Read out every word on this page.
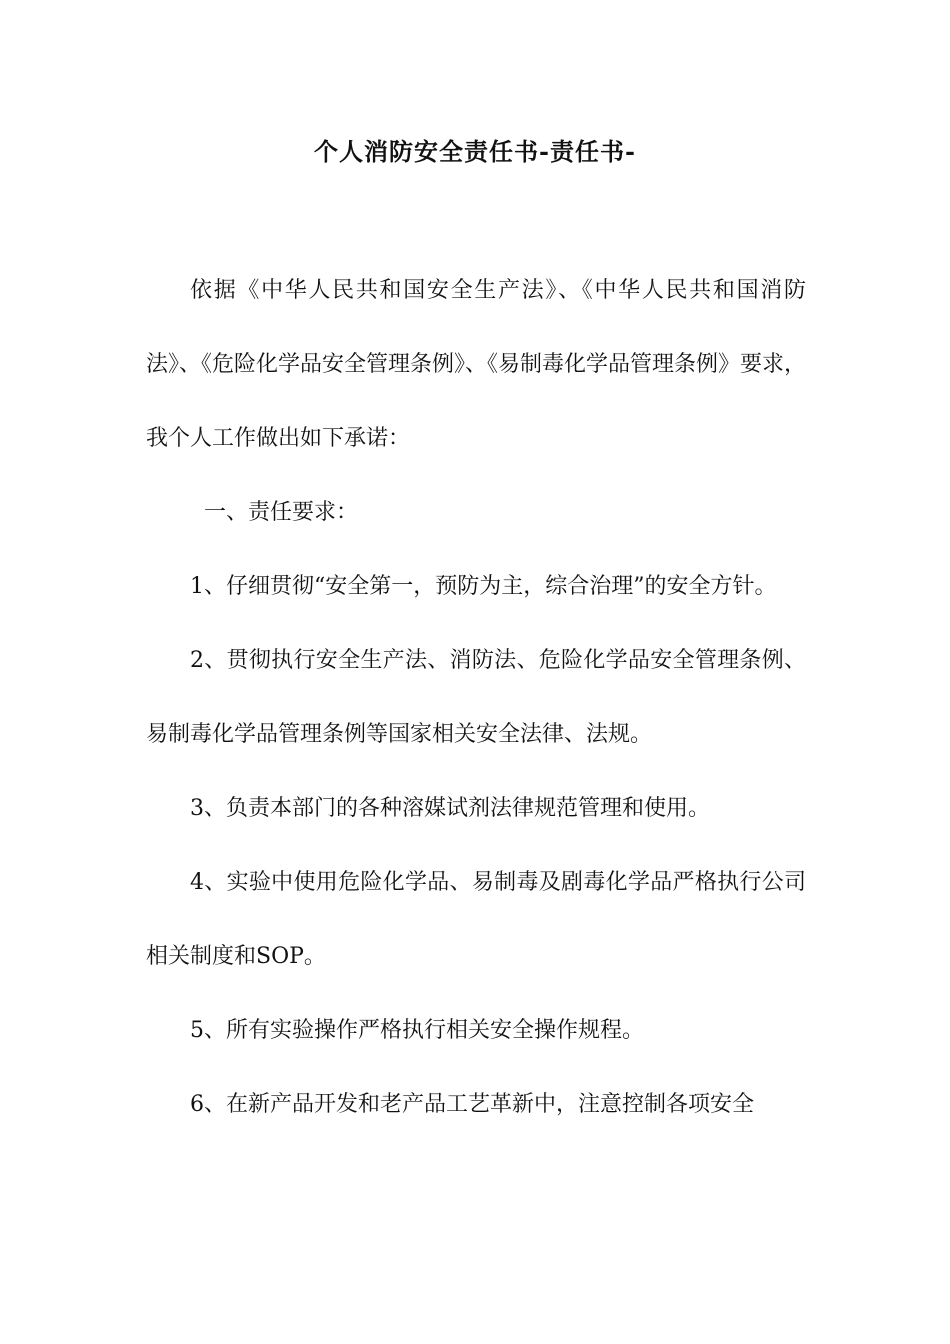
个人消防安全责任书-责任书-

依据《中华人民共和国安全生产法》、《中华人民共和国消防法》、《危险化学品安全管理条例》、《易制毒化学品管理条例》要求，我个人工作做出如下承诺：

一、责任要求：

1、仔细贯彻“安全第一，预防为主，综合治理”的安全方针。

2、贯彻执行安全生产法、消防法、危险化学品安全管理条例、易制毒化学品管理条例等国家相关安全法律、法规。

3、负责本部门的各种溶媒试剂法律规范管理和使用。

4、实验中使用危险化学品、易制毒及剧毒化学品严格执行公司相关制度和SOP。

5、所有实验操作严格执行相关安全操作规程。

6、在新产品开发和老产品工艺革新中，注意控制各项安全
